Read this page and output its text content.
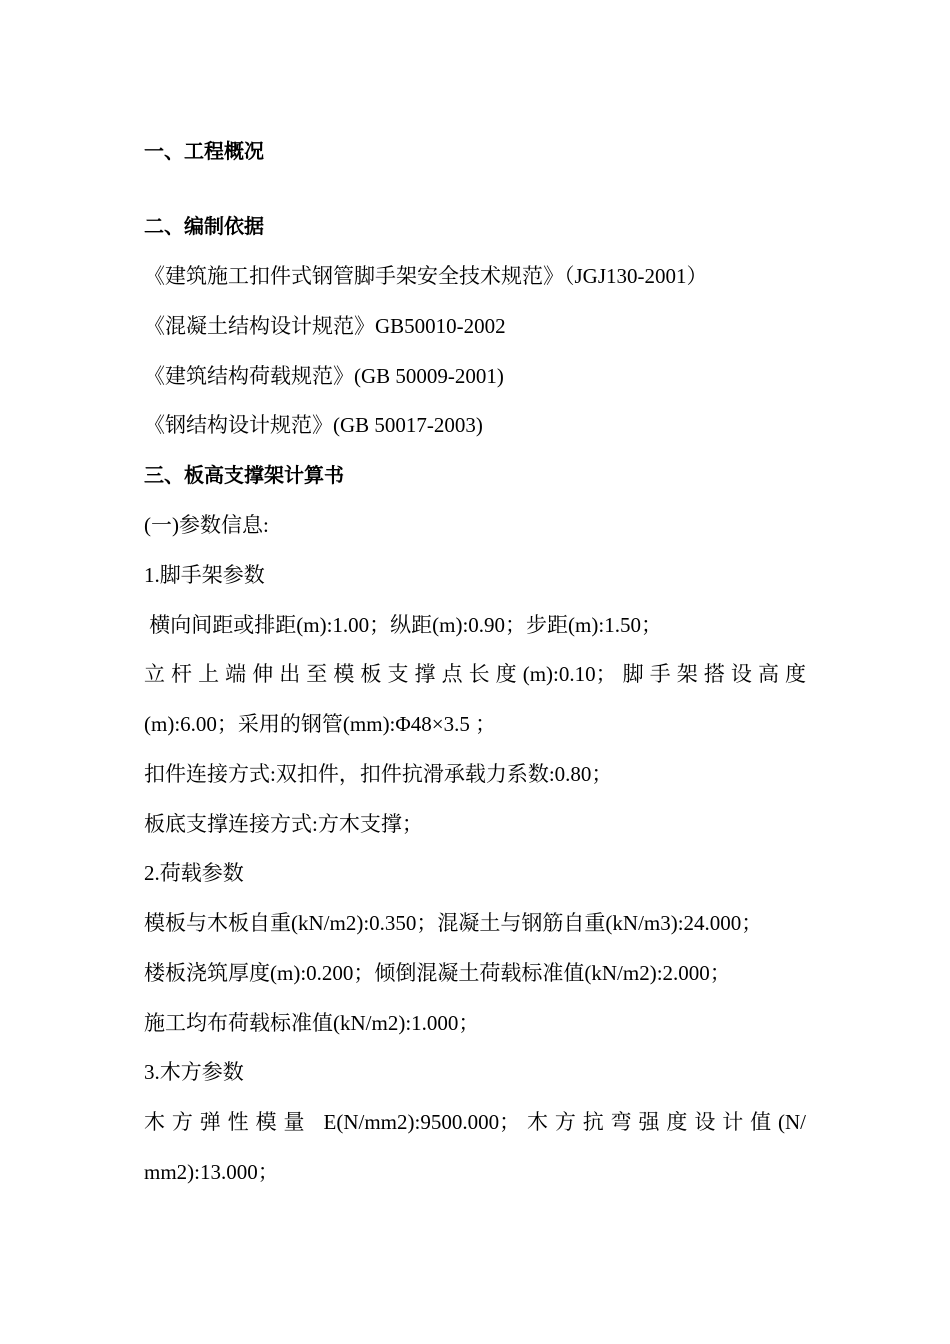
一、工程概况
二、编制依据
《建筑施工扣件式钢管脚手架安全技术规范》（JGJ130-2001）
《混凝土结构设计规范》GB50010-2002
《建筑结构荷载规范》(GB 50009-2001)
《钢结构设计规范》(GB 50017-2003)
三、板高支撑架计算书
(一)参数信息:
1.脚手架参数
横向间距或排距(m):1.00；纵距(m):0.90；步距(m):1.50；
立杆上端伸出至模板支撑点长度(m):0.10；脚手架搭设高度
(m):6.00；采用的钢管(mm):Φ48×3.5 ；
扣件连接方式:双扣件，扣件抗滑承载力系数:0.80；
板底支撑连接方式:方木支撑；
2.荷载参数
模板与木板自重(kN/m2):0.350；混凝土与钢筋自重(kN/m3):24.000；
楼板浇筑厚度(m):0.200；倾倒混凝土荷载标准值(kN/m2):2.000；
施工均布荷载标准值(kN/m2):1.000；
3.木方参数
木方弹性模量 E(N/mm2):9500.000；木方抗弯强度设计值(N/
mm2):13.000；
